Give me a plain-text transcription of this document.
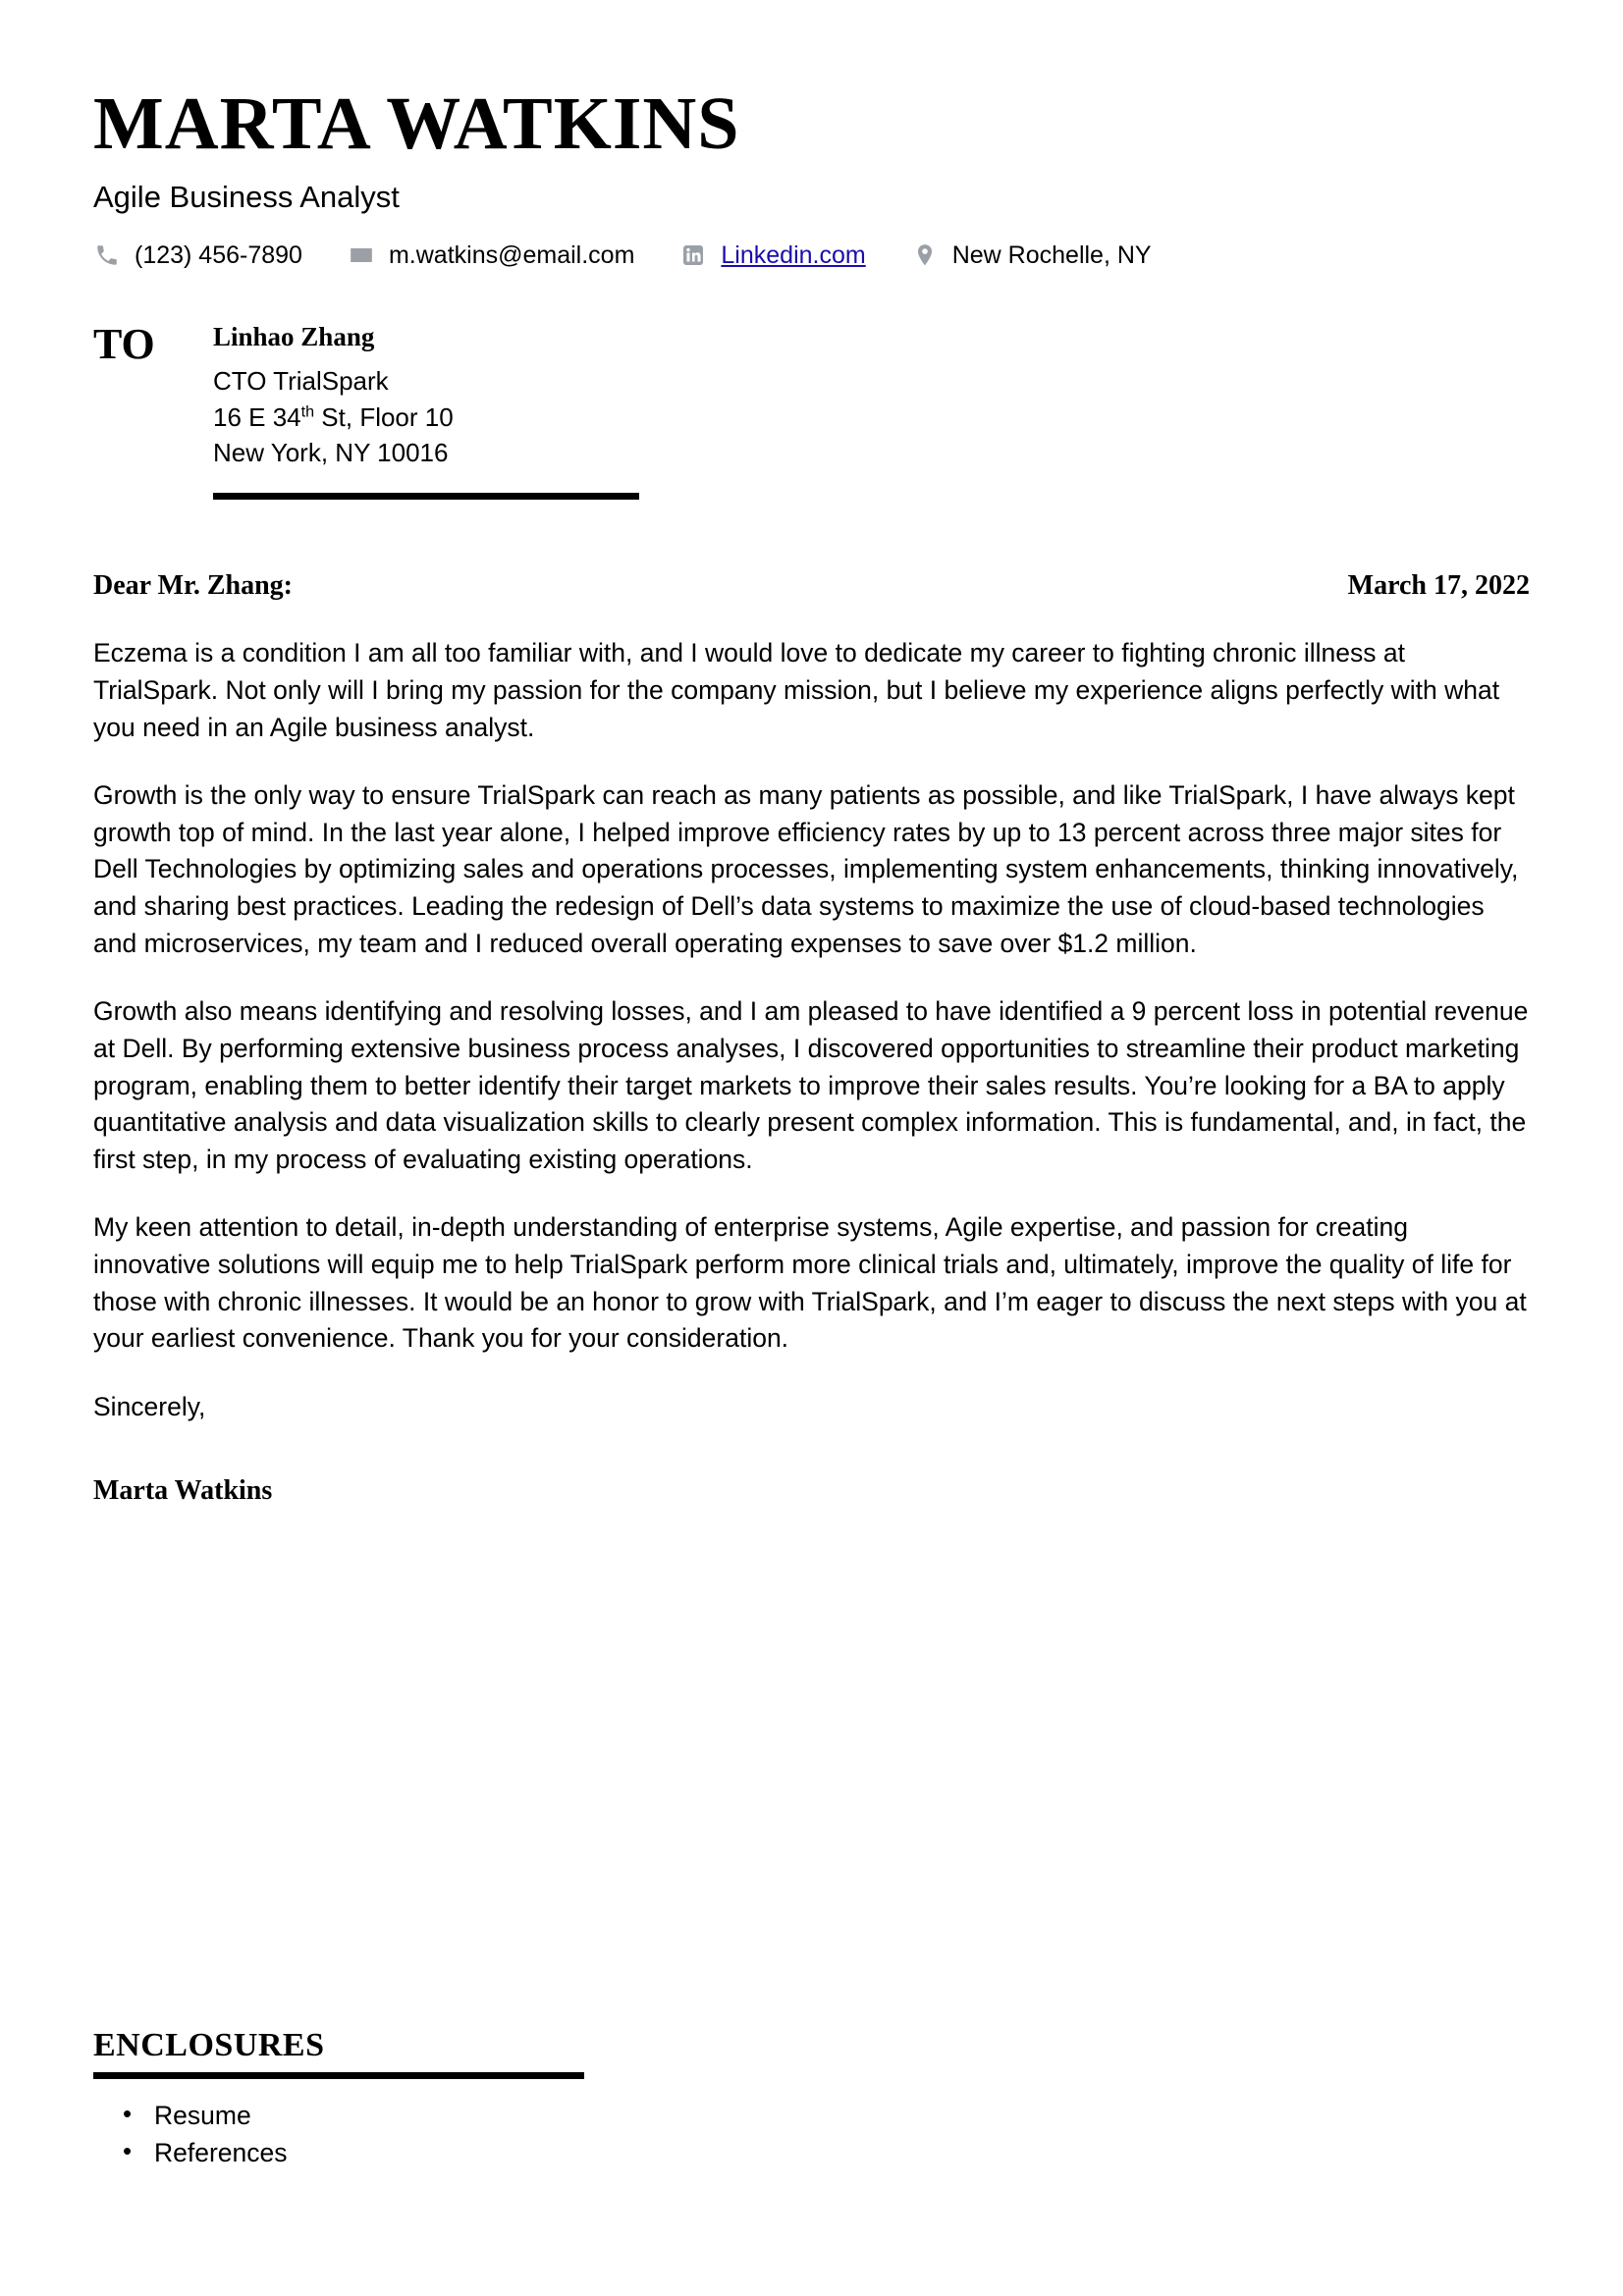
MARTA WATKINS
Agile Business Analyst
(123) 456-7890	m.watkins@email.com	Linkedin.com	New Rochelle, NY
TO	Linhao Zhang
CTO TrialSpark
16 E 34th St, Floor 10
New York, NY 10016
Dear Mr. Zhang:	March 17, 2022

Eczema is a condition I am all too familiar with, and I would love to dedicate my career to fighting chronic illness at TrialSpark. Not only will I bring my passion for the company mission, but I believe my experience aligns perfectly with what you need in an Agile business analyst.

Growth is the only way to ensure TrialSpark can reach as many patients as possible, and like TrialSpark, I have always kept growth top of mind. In the last year alone, I helped improve efficiency rates by up to 13 percent across three major sites for Dell Technologies by optimizing sales and operations processes, implementing system enhancements, thinking innovatively, and sharing best practices. Leading the redesign of Dell’s data systems to maximize the use of cloud-based technologies and microservices, my team and I reduced overall operating expenses to save over $1.2 million.

Growth also means identifying and resolving losses, and I am pleased to have identified a 9 percent loss in potential revenue at Dell. By performing extensive business process analyses, I discovered opportunities to streamline their product marketing program, enabling them to better identify their target markets to improve their sales results. You’re looking for a BA to apply quantitative analysis and data visualization skills to clearly present complex information. This is fundamental, and, in fact, the first step, in my process of evaluating existing operations.

My keen attention to detail, in-depth understanding of enterprise systems, Agile expertise, and passion for creating innovative solutions will equip me to help TrialSpark perform more clinical trials and, ultimately, improve the quality of life for those with chronic illnesses. It would be an honor to grow with TrialSpark, and I’m eager to discuss the next steps with you at your earliest convenience. Thank you for your consideration.

Sincerely,
Marta Watkins
ENCLOSURES
• Resume
• References
